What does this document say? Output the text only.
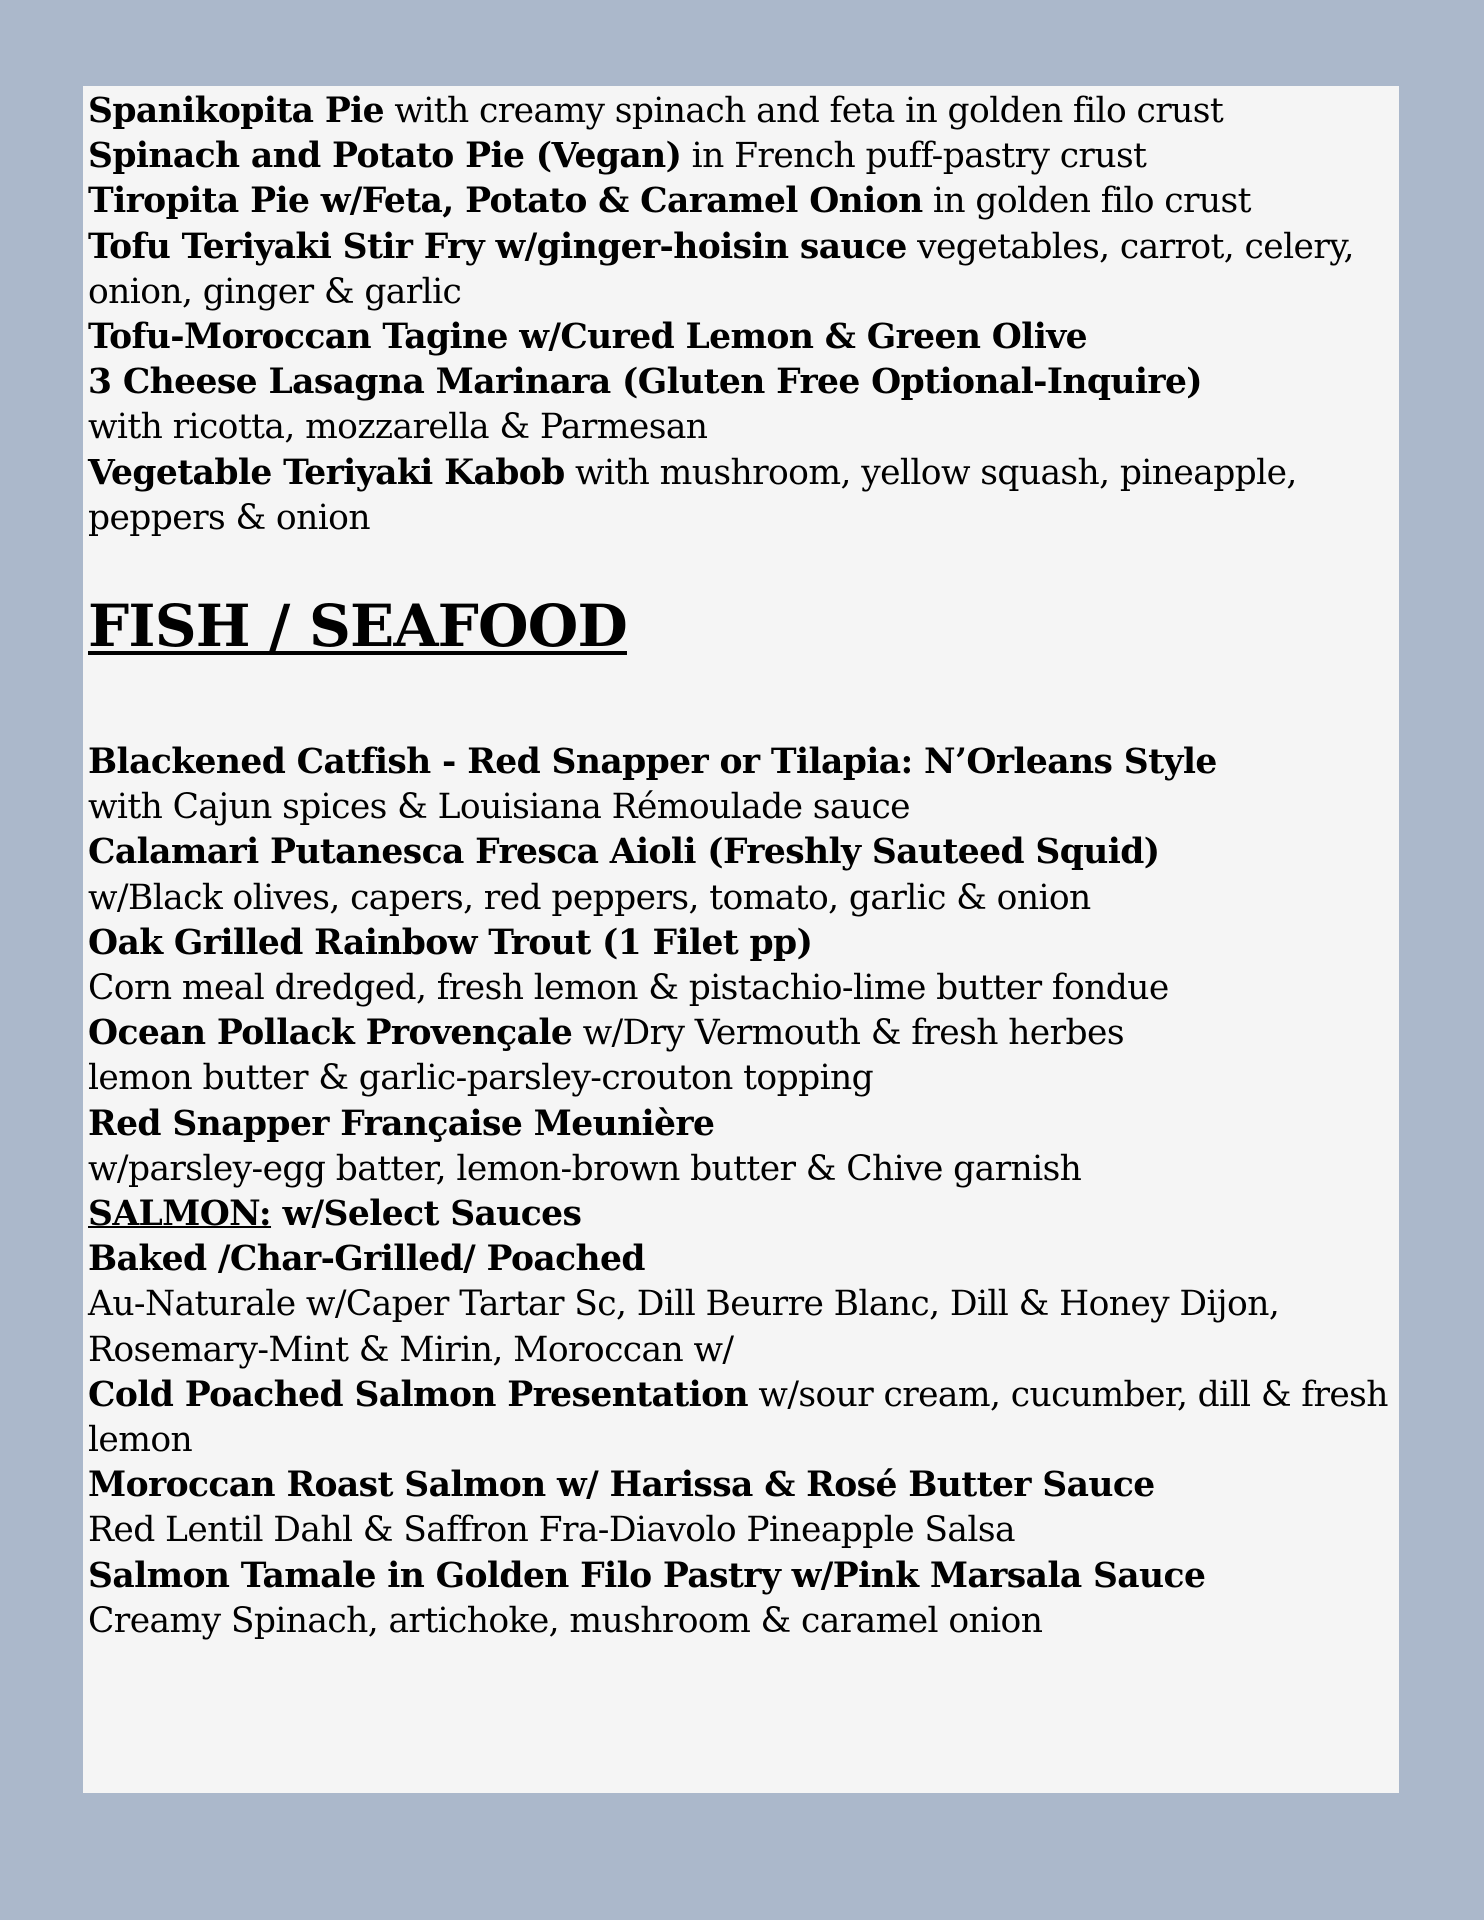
Spanikopita Pie with creamy spinach and feta in golden filo crust
Spinach and Potato Pie (Vegan) in French puff-pastry crust
Tiropita Pie w/Feta, Potato & Caramel Onion in golden filo crust
Tofu Teriyaki Stir Fry w/ginger-hoisin sauce vegetables, carrot, celery,
onion, ginger & garlic
Tofu-Moroccan Tagine w/Cured Lemon & Green Olive
3 Cheese Lasagna Marinara (Gluten Free Optional-Inquire)
with ricotta, mozzarella & Parmesan
Vegetable Teriyaki Kabob with mushroom, yellow squash, pineapple,
peppers & onion
FISH / SEAFOOD
Blackened Catfish - Red Snapper or Tilapia: N’Orleans Style
with Cajun spices & Louisiana Rémoulade sauce
Calamari Putanesca Fresca Aioli (Freshly Sauteed Squid)
w/Black olives, capers, red peppers, tomato, garlic & onion
Oak Grilled Rainbow Trout (1 Filet pp)
Corn meal dredged, fresh lemon & pistachio-lime butter fondue
Ocean Pollack Provençale w/Dry Vermouth & fresh herbes
lemon butter & garlic-parsley-crouton topping
Red Snapper Française Meunière
w/parsley-egg batter, lemon-brown butter & Chive garnish
SALMON: w/Select Sauces
Baked /Char-Grilled/ Poached
Au-Naturale w/Caper Tartar Sc, Dill Beurre Blanc, Dill & Honey Dijon,
Rosemary-Mint & Mirin, Moroccan w/
Cold Poached Salmon Presentation w/sour cream, cucumber, dill & fresh
lemon
Moroccan Roast Salmon w/ Harissa & Rosé Butter Sauce
Red Lentil Dahl & Saffron Fra-Diavolo Pineapple Salsa
Salmon Tamale in Golden Filo Pastry w/Pink Marsala Sauce
Creamy Spinach, artichoke, mushroom & caramel onion
